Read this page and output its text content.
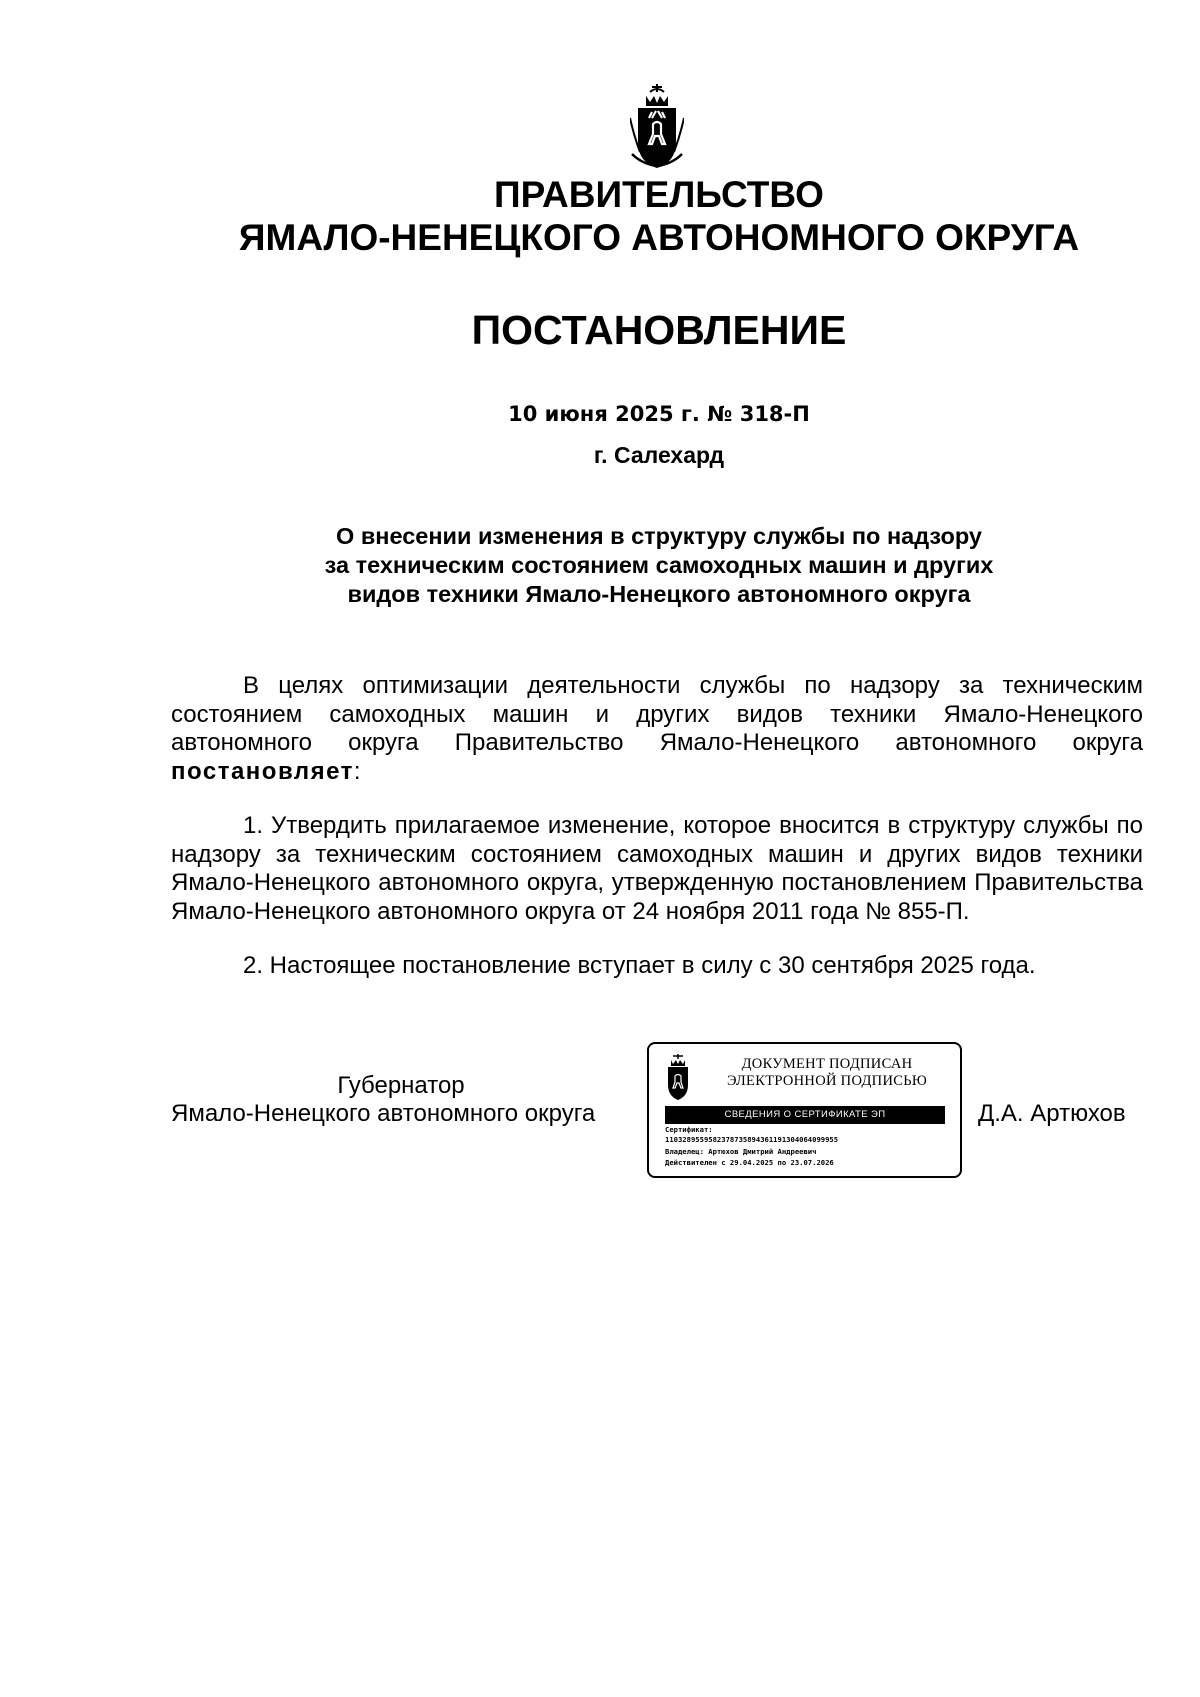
ПРАВИТЕЛЬСТВО
ЯМАЛО-НЕНЕЦКОГО АВТОНОМНОГО ОКРУГА
ПОСТАНОВЛЕНИЕ
10 июня 2025 г. № 318-П
г. Салехард
О внесении изменения в структуру службы по надзору
за техническим состоянием самоходных машин и других
видов техники Ямало-Ненецкого автономного округа
В целях оптимизации деятельности службы по надзору за техническим состоянием самоходных машин и других видов техники Ямало-Ненецкого автономного округа Правительство Ямало-Ненецкого автономного округа постановляет:
1. Утвердить прилагаемое изменение, которое вносится в структуру службы по надзору за техническим состоянием самоходных машин и других видов техники Ямало-Ненецкого автономного округа, утвержденную постановлением Правительства Ямало-Ненецкого автономного округа от 24 ноября 2011 года № 855-П.
2. Настоящее постановление вступает в силу с 30 сентября 2025 года.
Губернатор
Ямало-Ненецкого автономного округа	Д.А. Артюхов
ДОКУМЕНТ ПОДПИСАН
ЭЛЕКТРОННОЙ ПОДПИСЬЮ
СВЕДЕНИЯ О СЕРТИФИКАТЕ ЭП
Сертификат:
1103289559582378735894361191304064099955
Владелец: Артюхов Дмитрий Андреевич
Действителен с 29.04.2025 по 23.07.2026
